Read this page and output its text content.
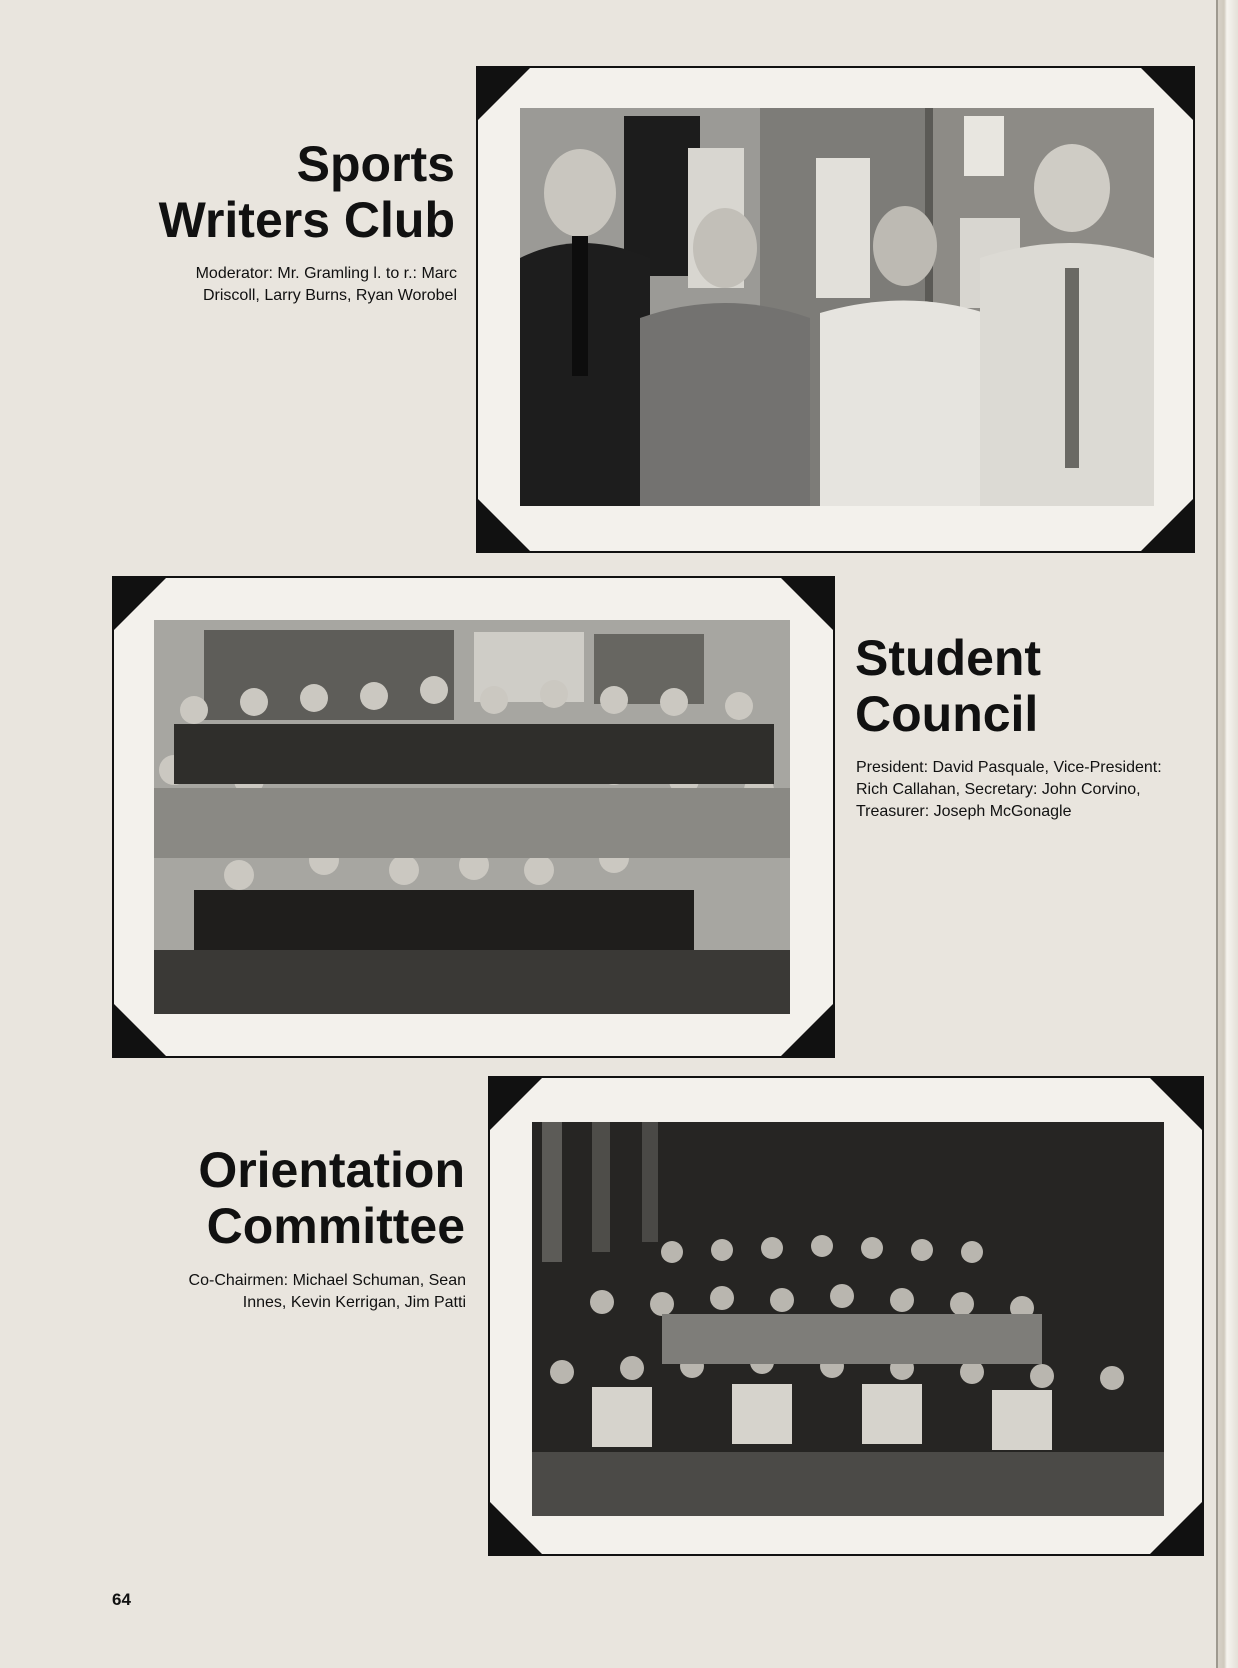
Sports
Writers Club

Moderator: Mr. Gramling l. to r.: Marc
Driscoll, Larry Burns, Ryan Worobel

Student
Council

President: David Pasquale, Vice-President:
Rich Callahan, Secretary: John Corvino,
Treasurer: Joseph McGonagle

Orientation
Committee

Co-Chairmen: Michael Schuman, Sean
Innes, Kevin Kerrigan, Jim Patti

64
